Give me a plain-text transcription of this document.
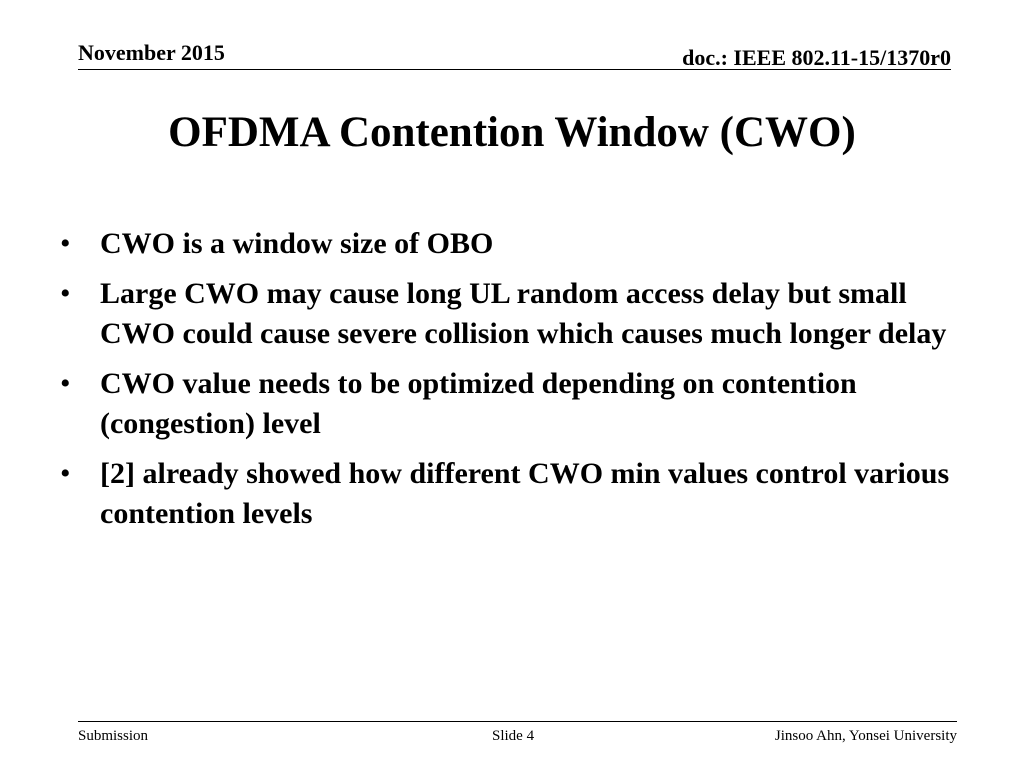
November 2015	doc.: IEEE 802.11-15/1370r0
OFDMA Contention Window (CWO)
• CWO is a window size of OBO
• Large CWO may cause long UL random access delay but small CWO could cause severe collision which causes much longer delay
• CWO value needs to be optimized depending on contention (congestion) level
• [2] already showed how different CWO min values control various contention levels
Submission	Slide 4	Jinsoo Ahn, Yonsei University
